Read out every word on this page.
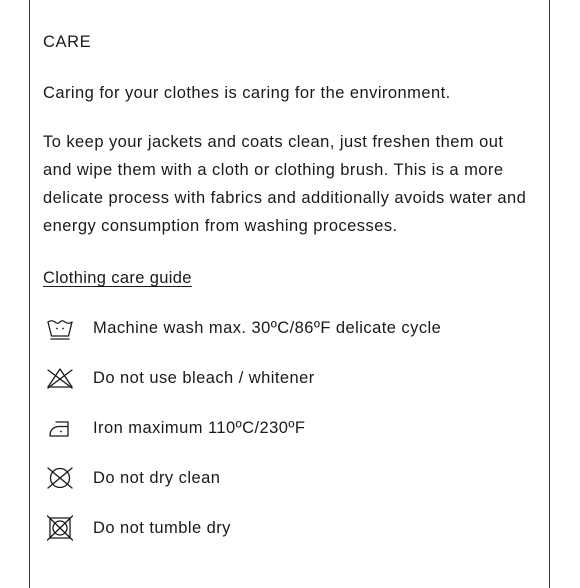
CARE

Caring for your clothes is caring for the environment.

To keep your jackets and coats clean, just freshen them out and wipe them with a cloth or clothing brush. This is a more delicate process with fabrics and additionally avoids water and energy consumption from washing processes.

Clothing care guide
Machine wash max. 30ºC/86ºF delicate cycle
Do not use bleach / whitener
Iron maximum 110ºC/230ºF
Do not dry clean
Do not tumble dry
